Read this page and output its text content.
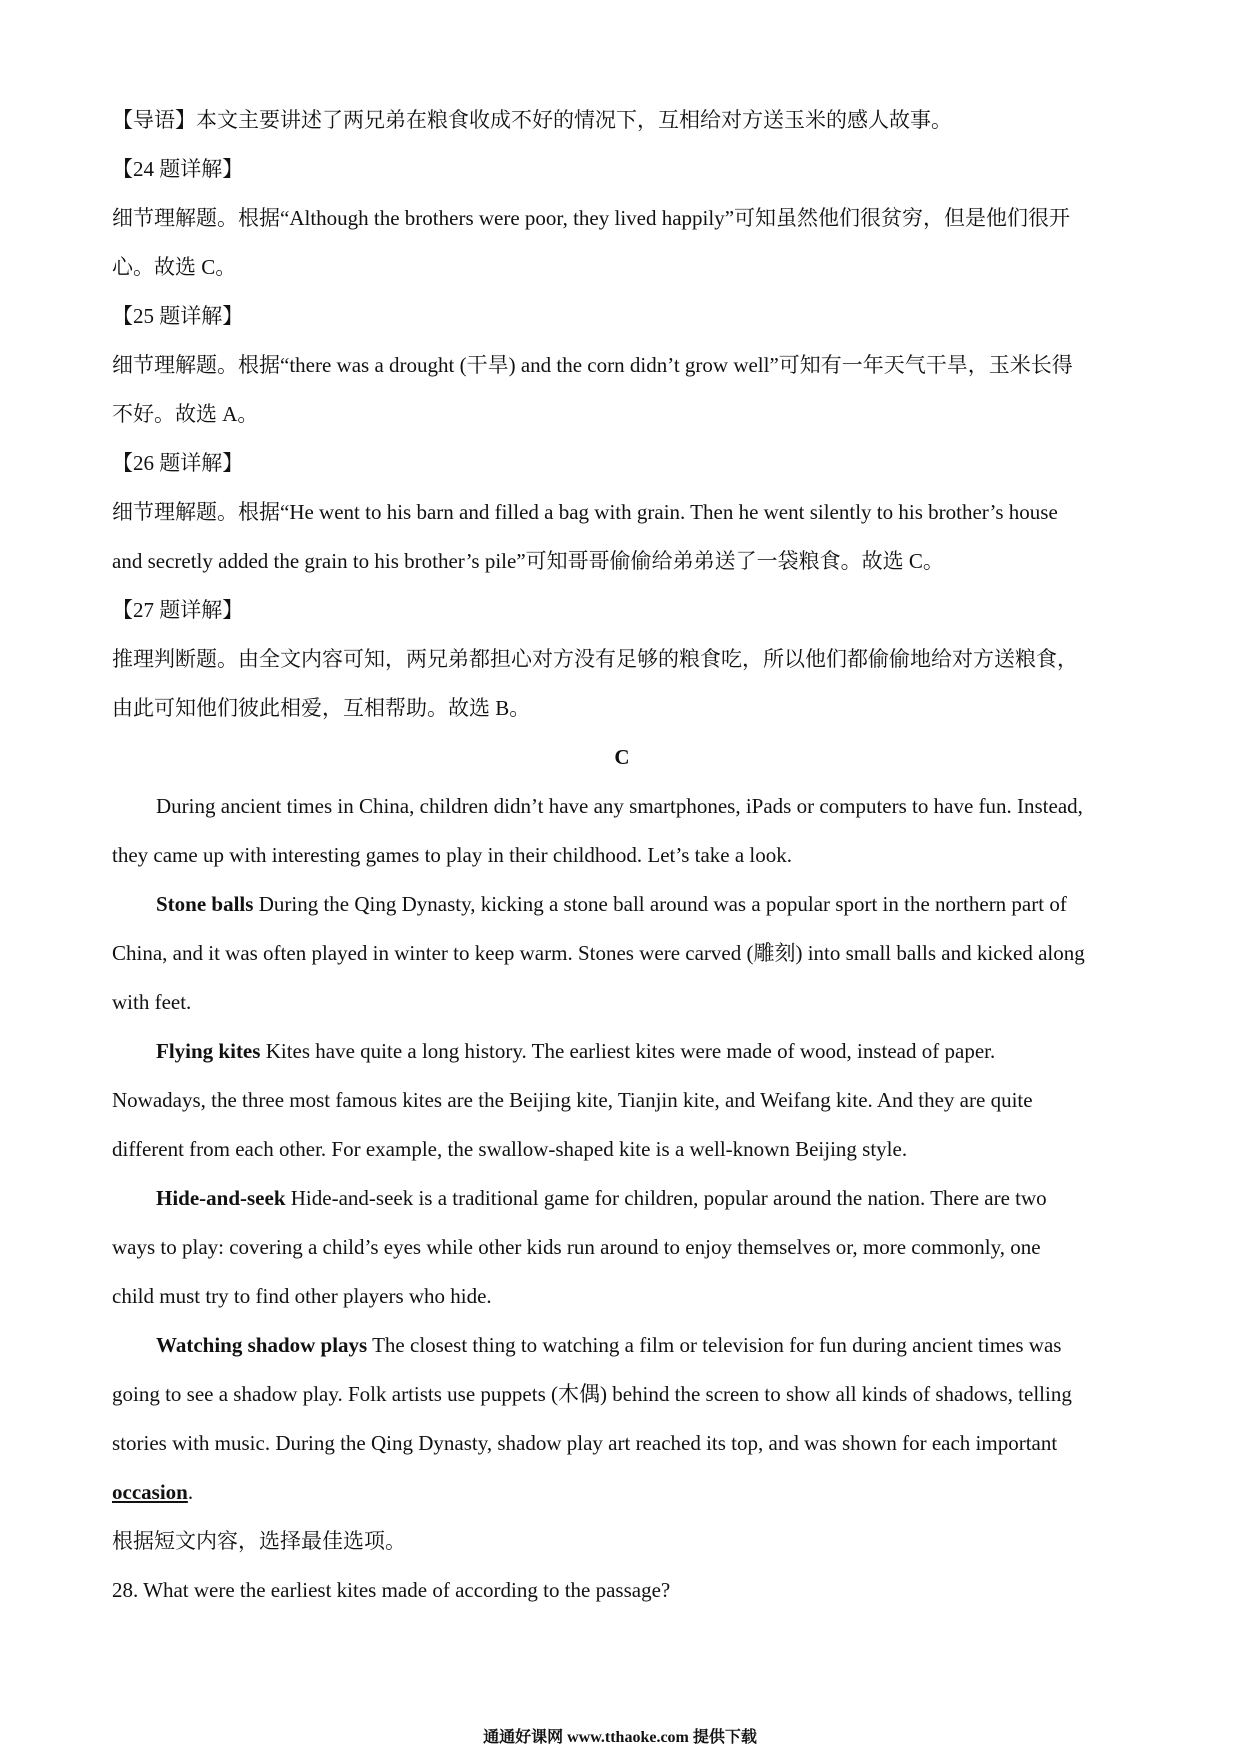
【导语】本文主要讲述了两兄弟在粮食收成不好的情况下，互相给对方送玉米的感人故事。
【24 题详解】
细节理解题。根据“Although the brothers were poor, they lived happily”可知虽然他们很贫穷，但是他们很开
心。故选 C。
【25 题详解】
细节理解题。根据“there was a drought (干旱) and the corn didn’t grow well”可知有一年天气干旱，玉米长得
不好。故选 A。
【26 题详解】
细节理解题。根据“He went to his barn and filled a bag with grain. Then he went silently to his brother’s house
and secretly added the grain to his brother’s pile”可知哥哥偷偷给弟弟送了一袋粮食。故选 C。
【27 题详解】
推理判断题。由全文内容可知，两兄弟都担心对方没有足够的粮食吃，所以他们都偷偷地给对方送粮食，
由此可知他们彼此相爱，互相帮助。故选 B。
C
During ancient times in China, children didn’t have any smartphones, iPads or computers to have fun. Instead,
they came up with interesting games to play in their childhood. Let’s take a look.
Stone balls During the Qing Dynasty, kicking a stone ball around was a popular sport in the northern part of
China, and it was often played in winter to keep warm. Stones were carved (雕刻) into small balls and kicked along
with feet.
Flying kites Kites have quite a long history. The earliest kites were made of wood, instead of paper.
Nowadays, the three most famous kites are the Beijing kite, Tianjin kite, and Weifang kite. And they are quite
different from each other. For example, the swallow-shaped kite is a well-known Beijing style.
Hide-and-seek Hide-and-seek is a traditional game for children, popular around the nation. There are two
ways to play: covering a child’s eyes while other kids run around to enjoy themselves or, more commonly, one
child must try to find other players who hide.
Watching shadow plays The closest thing to watching a film or television for fun during ancient times was
going to see a shadow play. Folk artists use puppets (木偶) behind the screen to show all kinds of shadows, telling
stories with music. During the Qing Dynasty, shadow play art reached its top, and was shown for each important
occasion.
根据短文内容，选择最佳选项。
28. What were the earliest kites made of according to the passage?
通通好课网 www.tthaoke.com 提供下载
